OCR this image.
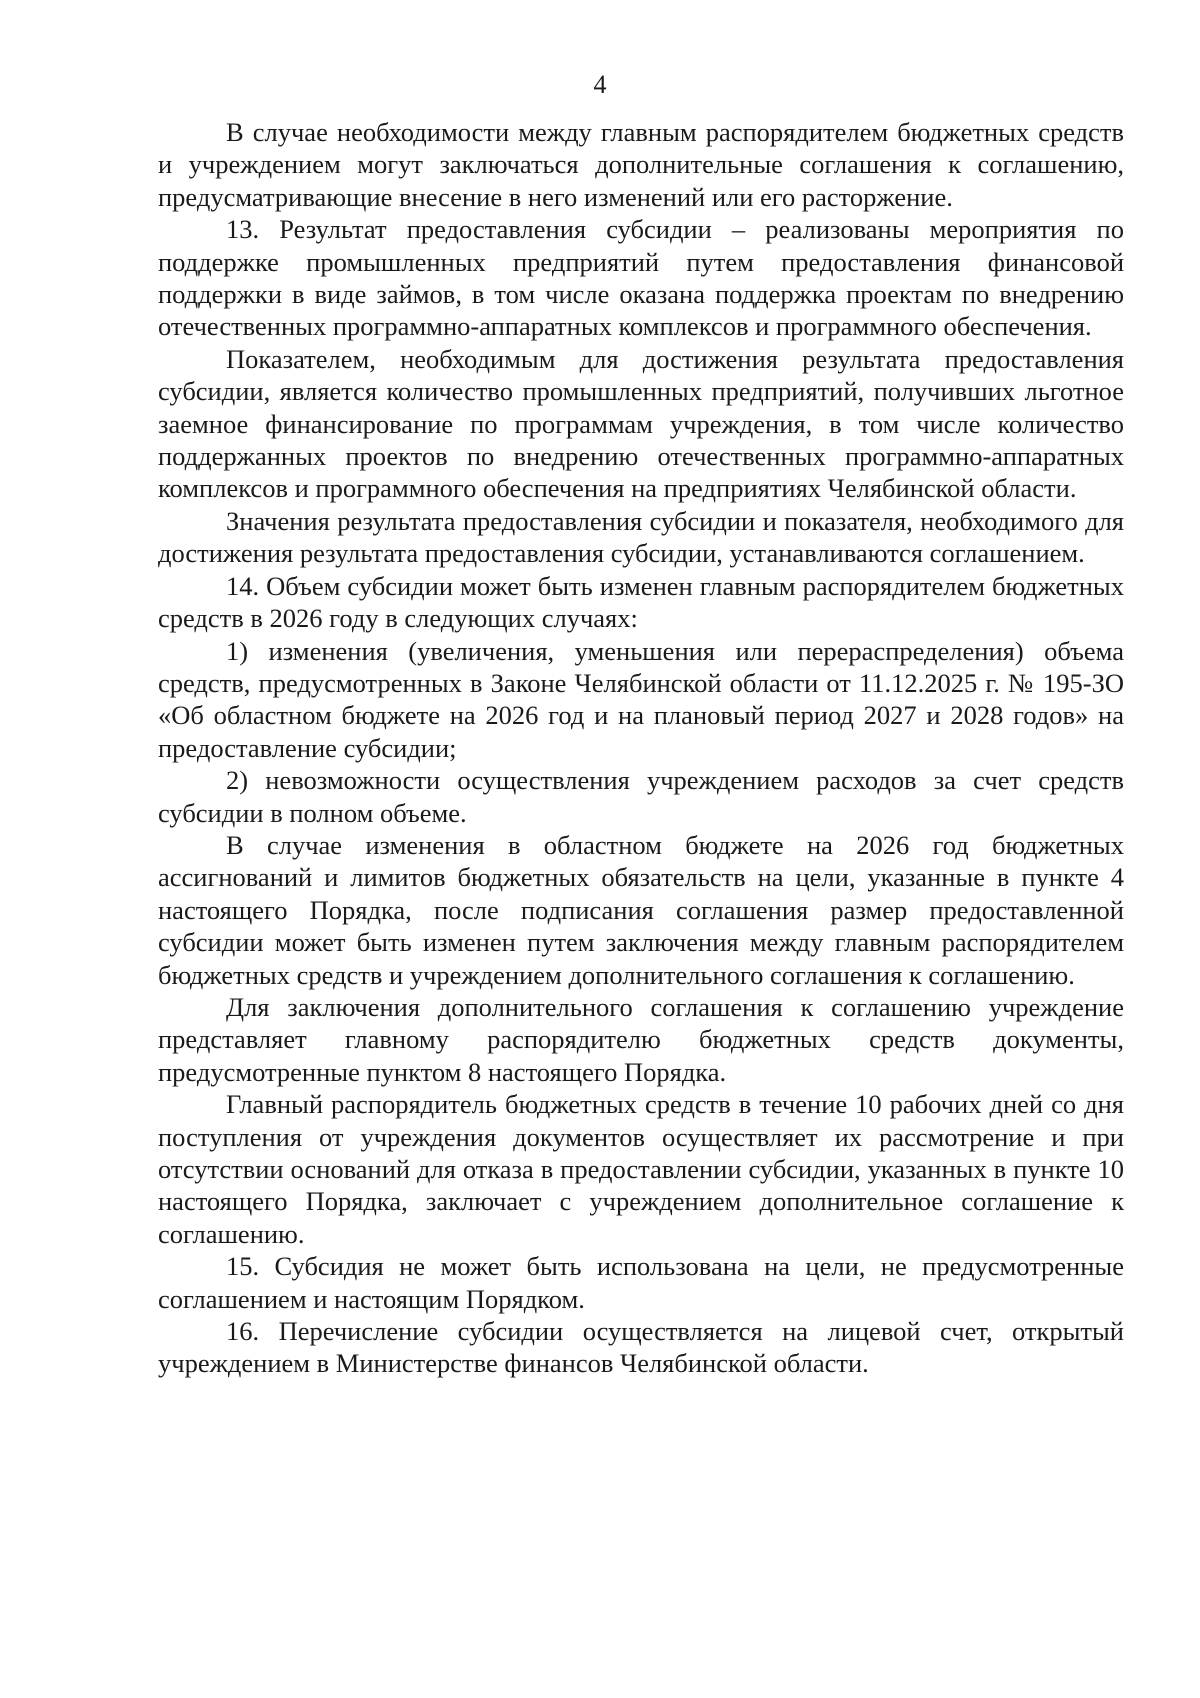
4

В случае необходимости между главным распорядителем бюджетных средств и учреждением могут заключаться дополнительные соглашения к соглашению, предусматривающие внесение в него изменений или его расторжение.

13. Результат предоставления субсидии – реализованы мероприятия по поддержке промышленных предприятий путем предоставления финансовой поддержки в виде займов, в том числе оказана поддержка проектам по внедрению отечественных программно-аппаратных комплексов и программного обеспечения.

Показателем, необходимым для достижения результата предоставления субсидии, является количество промышленных предприятий, получивших льготное заемное финансирование по программам учреждения, в том числе количество поддержанных проектов по внедрению отечественных программно-аппаратных комплексов и программного обеспечения на предприятиях Челябинской области.

Значения результата предоставления субсидии и показателя, необходимого для достижения результата предоставления субсидии, устанавливаются соглашением.

14. Объем субсидии может быть изменен главным распорядителем бюджетных средств в 2026 году в следующих случаях:

1) изменения (увеличения, уменьшения или перераспределения) объема средств, предусмотренных в Законе Челябинской области от 11.12.2025 г. № 195-ЗО «Об областном бюджете на 2026 год и на плановый период 2027 и 2028 годов» на предоставление субсидии;

2) невозможности осуществления учреждением расходов за счет средств субсидии в полном объеме.

В случае изменения в областном бюджете на 2026 год бюджетных ассигнований и лимитов бюджетных обязательств на цели, указанные в пункте 4 настоящего Порядка, после подписания соглашения размер предоставленной субсидии может быть изменен путем заключения между главным распорядителем бюджетных средств и учреждением дополнительного соглашения к соглашению.

Для заключения дополнительного соглашения к соглашению учреждение представляет главному распорядителю бюджетных средств документы, предусмотренные пунктом 8 настоящего Порядка.

Главный распорядитель бюджетных средств в течение 10 рабочих дней со дня поступления от учреждения документов осуществляет их рассмотрение и при отсутствии оснований для отказа в предоставлении субсидии, указанных в пункте 10 настоящего Порядка, заключает с учреждением дополнительное соглашение к соглашению.

15. Субсидия не может быть использована на цели, не предусмотренные соглашением и настоящим Порядком.

16. Перечисление субсидии осуществляется на лицевой счет, открытый учреждением в Министерстве финансов Челябинской области.
